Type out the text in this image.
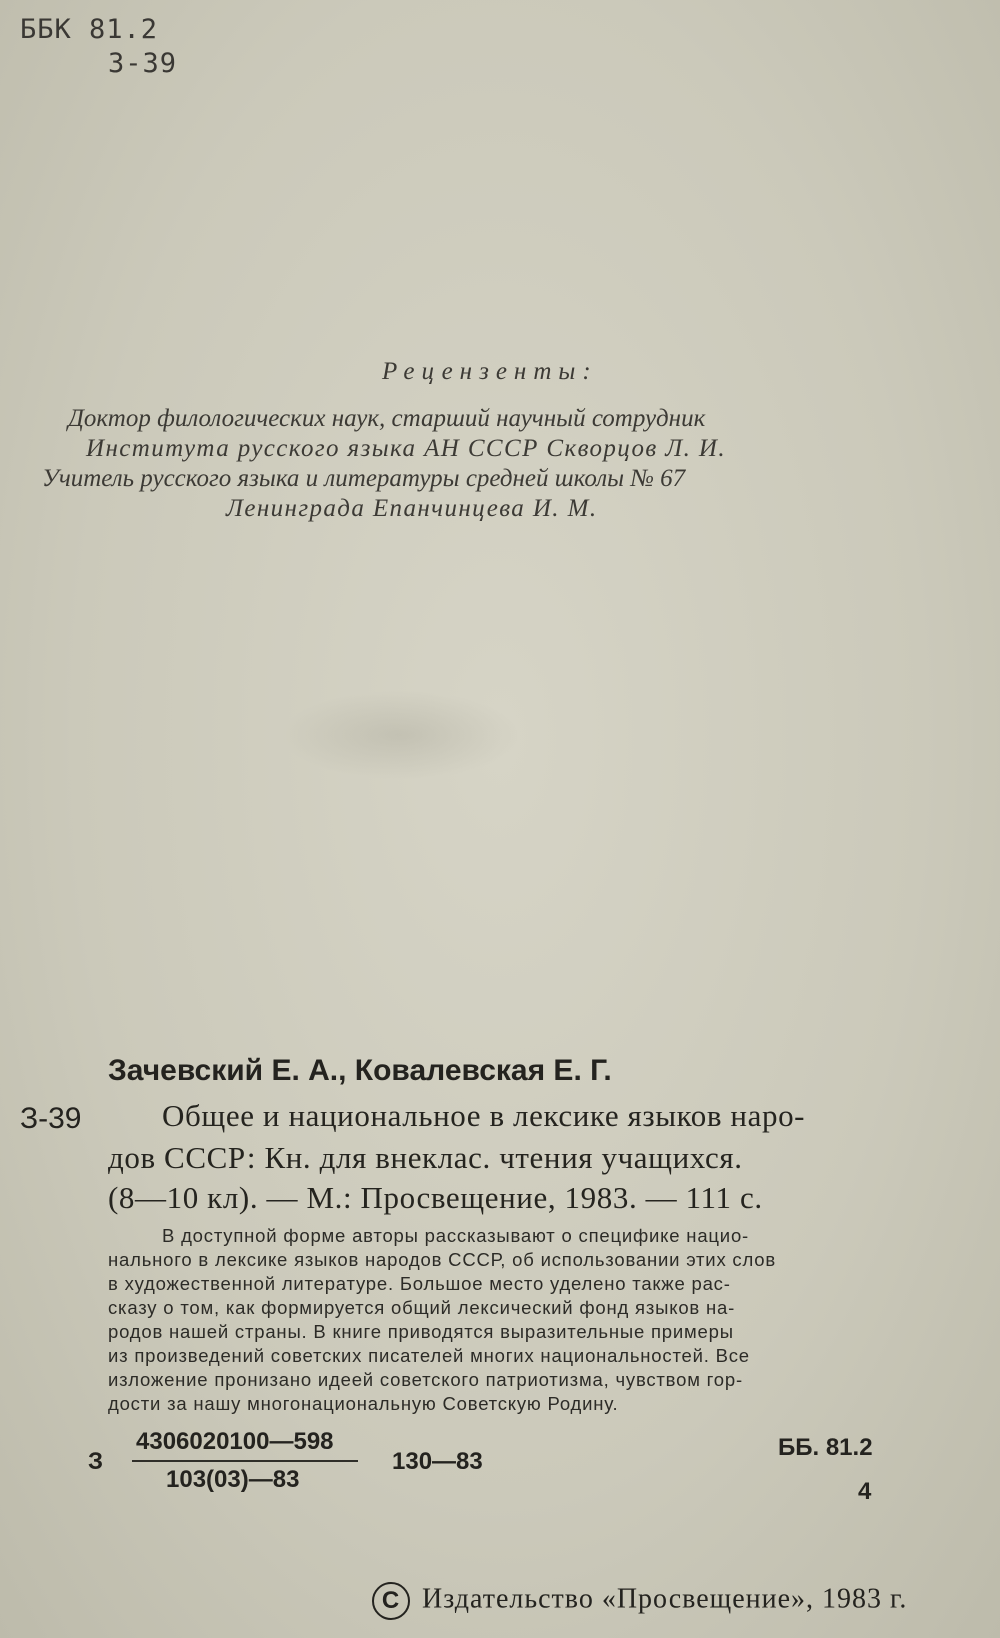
ББК 81.2
З-39
Рецензенты:
Доктор филологических наук, старший научный сотрудник
Института русского языка АН СССР Скворцов Л. И.
Учитель русского языка и литературы средней школы № 67
Ленинграда Епанчинцева И. М.
Зачевский Е. А., Ковалевская Е. Г.
З-39	Общее и национальное в лексике языков наро-
дов СССР: Кн. для внеклас. чтения учащихся.
(8—10 кл). — М.: Просвещение, 1983. — 111 с.
В доступной форме авторы рассказывают о специфике нацио-
нального в лексике языков народов СССР, об использовании этих слов
в художественной литературе. Большое место уделено также рас-
сказу о том, как формируется общий лексический фонд языков на-
родов нашей страны. В книге приводятся выразительные примеры
из произведений советских писателей многих национальностей. Все
изложение пронизано идеей советского патриотизма, чувством гор-
дости за нашу многонациональную Советскую Родину.
З
4306020100—598
103(03)—83
130—83
ББ. 81.2
4
C Издательство «Просвещение», 1983 г.
